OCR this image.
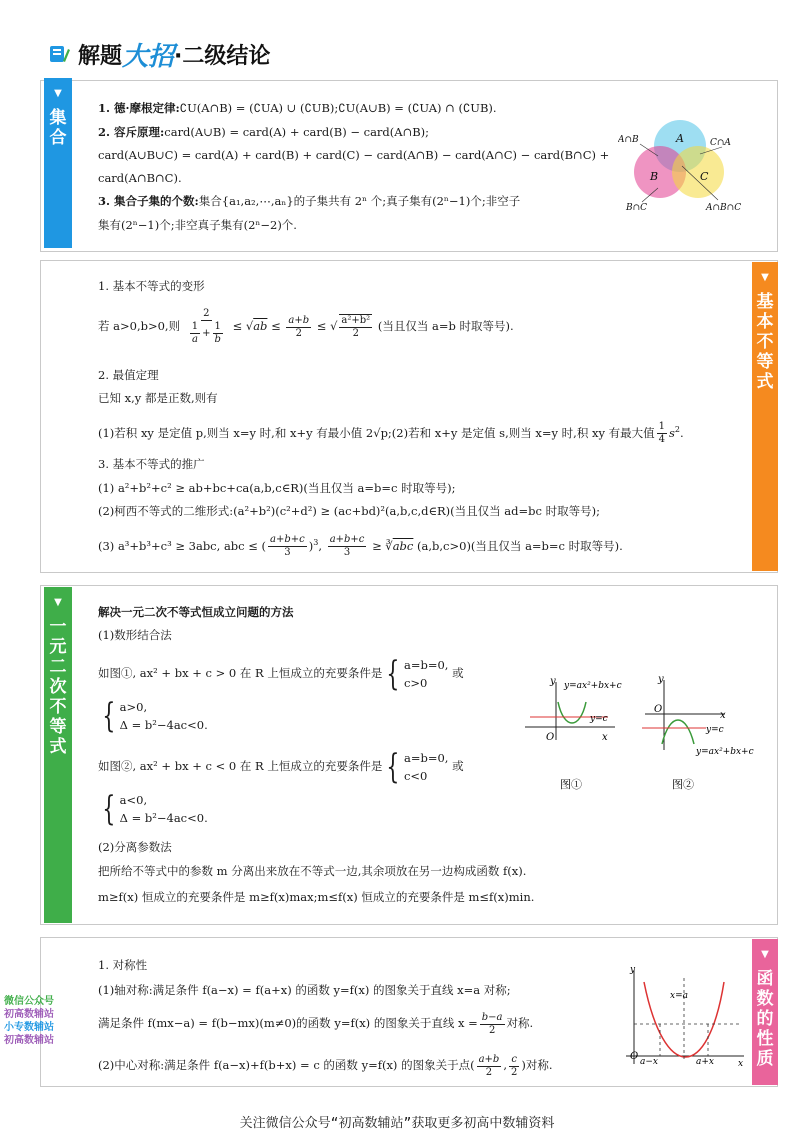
解题 大招 ·二级结论
▼
集
合
1. 德·摩根定律:∁U(A∩B) = (∁UA) ∪ (∁UB);∁U(A∪B) = (∁UA) ∩ (∁UB).
2. 容斥原理:card(A∪B) = card(A) + card(B) − card(A∩B);
card(A∪B∪C) = card(A) + card(B) + card(C) − card(A∩B) − card(A∩C) − card(B∩C) +
card(A∩B∩C).
3. 集合子集的个数:集合{a₁,a₂,⋯,aₙ}的子集共有 2ⁿ 个;真子集有(2ⁿ−1)个;非空子
集有(2ⁿ−1)个;非空真子集有(2ⁿ−2)个.
A
B	C
A∩B	C∩A
B∩C	A∩B∩C
▼
基
本
不
等
式
1. 基本不等式的变形
若 a>0,b>0,则 $\frac{2}{\frac{1}{a} + \frac{1}{b}} \le √ab \le \frac{a+b}{2}$ ≤ √ $\frac{\text{a²+b²}}{2}$ (当且仅当 a=b 时取等号).
2. 最值定理
已知 x,y 都是正数,则有
(1)若积 xy 是定值 p,则当 x=y 时,和 x+y 有最小值 2√p;(2)若和 x+y 是定值 s,则当 x=y 时,积 xy 有最大值 $\frac{1}{4} s^2$.
3. 基本不等式的推广
(1) a²+b²+c² ≥ ab+bc+ca(a,b,c∈R)(当且仅当 a=b=c 时取等号);
(2)柯西不等式的二维形式:(a²+b²)(c²+d²) ≥ (ac+bd)²(a,b,c,d∈R)(当且仅当 ad=bc 时取等号);
(3) a³+b³+c³ ≥ 3abc, abc ≤ ( $\frac{a+b+c}{3} )^3$, $\frac{a+b+c}{3}$ ≥ $∛\overline{abc}$ (a,b,c>0)(当且仅当 a=b=c 时取等号).
▼
一
元
二
次
不
等
式
解决一元二次不等式恒成立问题的方法
(1)数形结合法
如图①, ax² + bx + c > 0 在 R 上恒成立的充要条件是 { a=b=0,
c>0
或
{ a>0,
Δ = b²−4ac<0.
如图②, ax² + bx + c < 0 在 R 上恒成立的充要条件是 { a=b=0,
c<0
或
{ a<0,
Δ = b²−4ac<0.
(2)分离参数法
把所给不等式中的参数 m 分离出来放在不等式一边,其余项放在另一边构成函数 f(x).
m≥f(x) 恒成立的充要条件是 m≥f(x)max;m≤f(x) 恒成立的充要条件是 m≤f(x)min.
y y=ax²+bx+c
y=c
O	x
图①
y
O
x
y=c
y=ax²+bx+c
图②
▼
函
数
的
性
质
1. 对称性
(1)轴对称:满足条件 f(a−x) = f(a+x) 的函数 y=f(x) 的图象关于直线 x=a 对称;
满足条件 f(mx−a) = f(b−mx)(m≠0)的函数 y=f(x) 的图象关于直线 $x = \frac{b-a}{2}$ 对称.
(2)中心对称:满足条件 f(a−x)+f(b+x) = c 的函数 y=f(x) 的图象关于点( $\frac{a+b}{2}$ , $\frac{c}{2}$ )对称.
y
x
x=a
O a−x	a+x
微信公众号
初高数辅站
小专数辅站
初高数辅站
关注微信公众号“初高数辅站”获取更多初高中数辅资料
